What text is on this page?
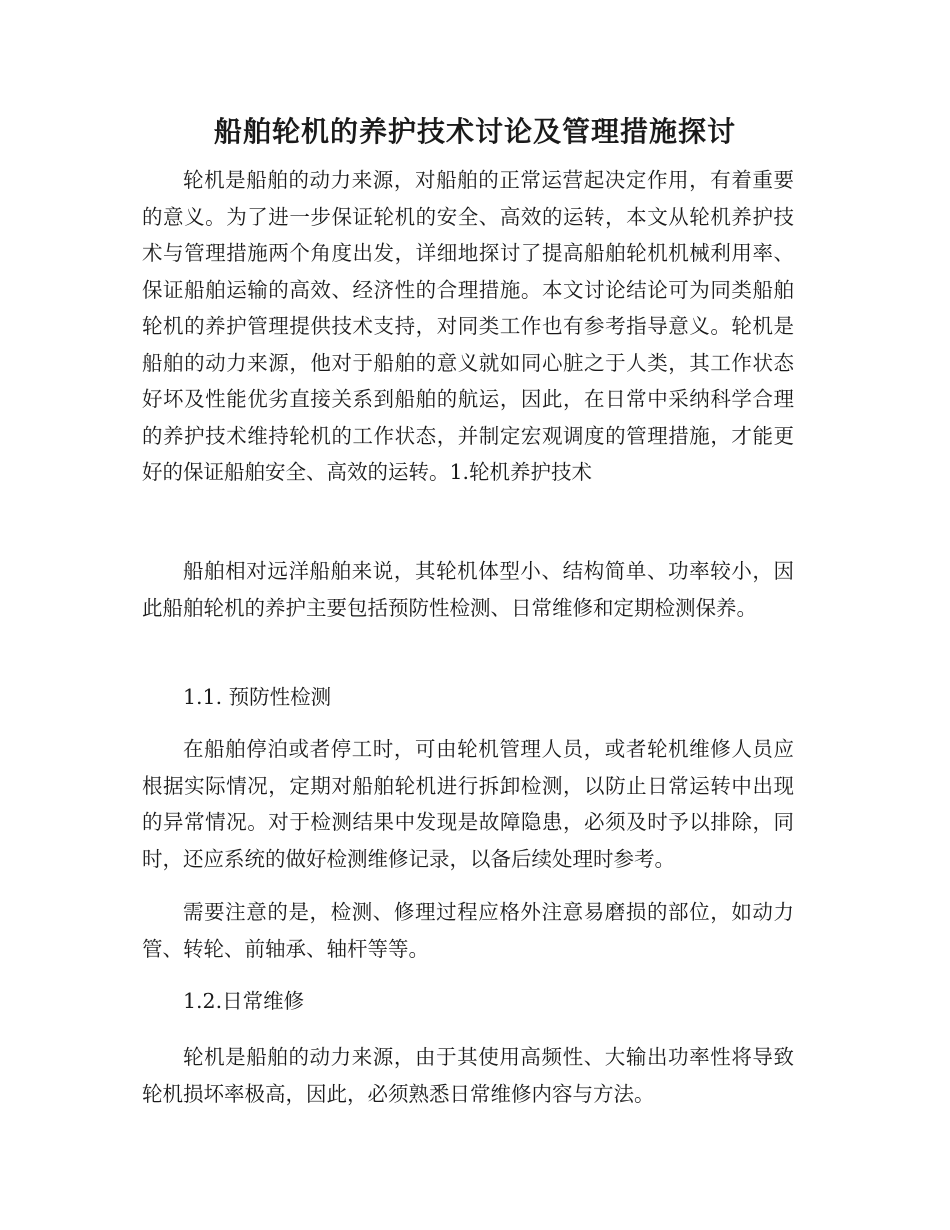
船舶轮机的养护技术讨论及管理措施探讨

轮机是船舶的动力来源，对船舶的正常运营起决定作用，有着重要的意义。为了进一步保证轮机的安全、高效的运转，本文从轮机养护技术与管理措施两个角度出发，详细地探讨了提高船舶轮机机械利用率、保证船舶运输的高效、经济性的合理措施。本文讨论结论可为同类船舶轮机的养护管理提供技术支持，对同类工作也有参考指导意义。轮机是船舶的动力来源，他对于船舶的意义就如同心脏之于人类，其工作状态好坏及性能优劣直接关系到船舶的航运，因此，在日常中采纳科学合理的养护技术维持轮机的工作状态，并制定宏观调度的管理措施，才能更好的保证船舶安全、高效的运转。1.轮机养护技术

船舶相对远洋船舶来说，其轮机体型小、结构简单、功率较小，因此船舶轮机的养护主要包括预防性检测、日常维修和定期检测保养。

1.1. 预防性检测

在船舶停泊或者停工时，可由轮机管理人员，或者轮机维修人员应根据实际情况，定期对船舶轮机进行拆卸检测，以防止日常运转中出现的异常情况。对于检测结果中发现是故障隐患，必须及时予以排除，同时，还应系统的做好检测维修记录，以备后续处理时参考。

需要注意的是，检测、修理过程应格外注意易磨损的部位，如动力管、转轮、前轴承、轴杆等等。

1.2.日常维修

轮机是船舶的动力来源，由于其使用高频性、大输出功率性将导致轮机损坏率极高，因此，必须熟悉日常维修内容与方法。
